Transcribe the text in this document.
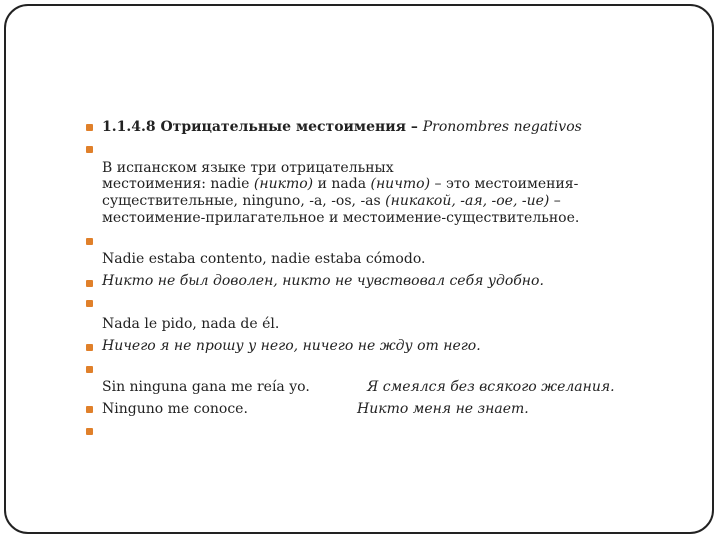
1.1.4.8 Отрицательные местоимения – Pronombres negativos

В испанском языке три отрицательных

местоимения: nadie (никто) и nada (ничто) – это местоимения-

существительные, ninguno, -a, -os, -as (никакой, -ая, -ое, -ие) –

местоимение-прилагательное и местоимение-существительное.

Nadie estaba contento, nadie estaba cómodo.

Никто не был доволен, никто не чувствовал себя удобно.

Nada le pido, nada de él.

Ничего я не прошу у него, ничего не жду от него.

Sin ninguna gana me reía yo.	Я смеялся без всякого желания.

Ninguno me conoce.	Никто меня не знает.
